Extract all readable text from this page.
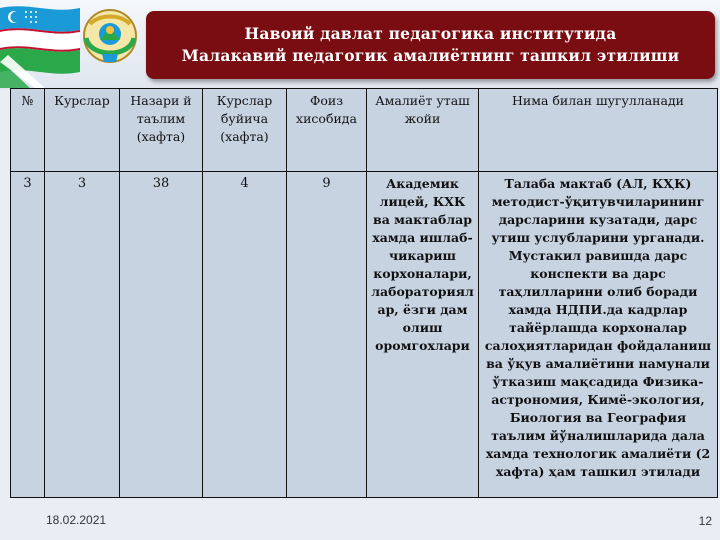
Навоий давлат педагогика институтида
Малакавий педагогик амалиётнинг ташкил этилиши
№	Курслар	Назари й таълим (хафта)	Курслар буйича (хафта)	Фоиз хисобида	Амалиёт уташ жойи	Нима билан шугулланади
3	3	38	4	9	Академик лицей, КХК ва мактаблар хамда ишлаб-чикариш корхоналари, лабораториял ар, ёзги дам олиш оромгохлари	Талаба мактаб (АЛ, КҲК) методист-ўқитувчиларининг дарсларини кузатади, дарс утиш услубларини урганади. Мустакил равишда дарс конспекти ва дарс таҳлилларини олиб боради хамда НДПИ.да кадрлар тайёрлашда корхоналар салоҳиятларидан фойдаланиш ва ўқув амалиётини намунали ўтказиш мақсадида Физика-астрономия, Кимё-экология, Биология ва География таълим йўналишларида дала хамда технологик амалиёти (2 хафта) ҳам ташкил этилади
18.02.2021	12
